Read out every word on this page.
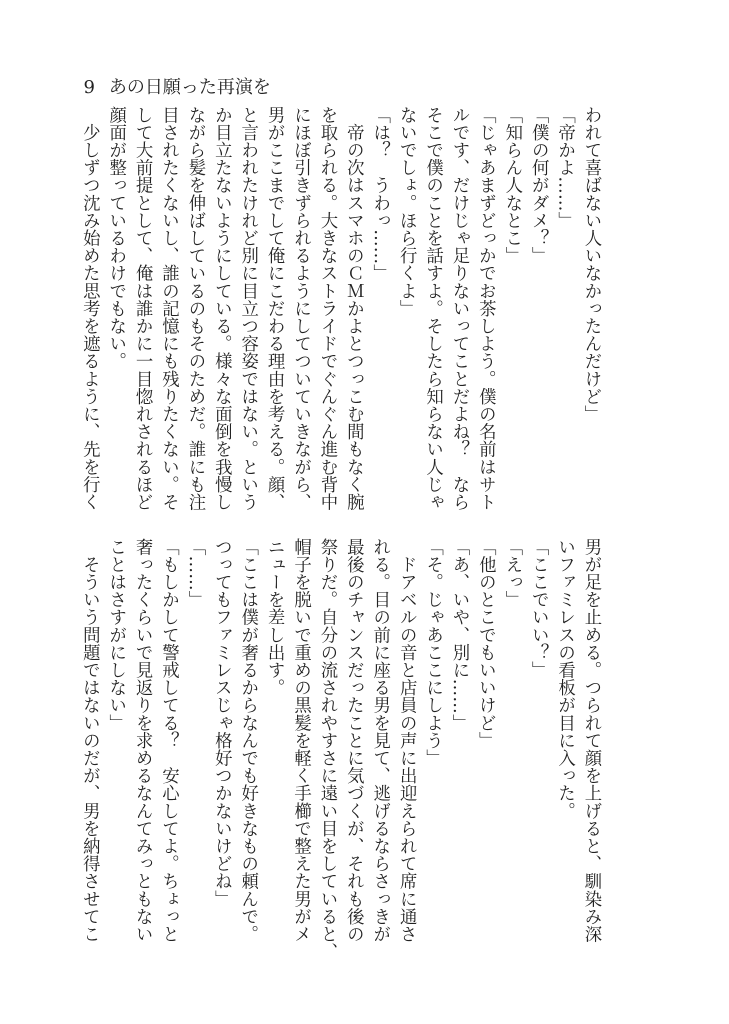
9 あの日願った再演を

われて喜ばない人いなかったんだけど」
「帝かよ……」
「僕の何がダメ？」
「知らん人なとこ」
「じゃあまずどっかでお茶しよう。僕の名前はサト
ルです、だけじゃ足りないってことだよね？　なら
そこで僕のことを話すよ。そしたら知らない人じゃ
ないでしょ。ほら行くよ」
「は？　うわっ……」
　帝の次はスマホのＣＭかよとつっこむ間もなく腕
を取られる。大きなストライドでぐんぐん進む背中
にほぼ引きずられるようにしてついていきながら、
男がここまでして俺にこだわる理由を考える。顔、
と言われたけれど別に目立つ容姿ではない。という
か目立たないようにしている。様々な面倒を我慢し
ながら髪を伸ばしているのもそのためだ。誰にも注
目されたくないし、誰の記憶にも残りたくない。そ
して大前提として、俺は誰かに一目惚れされるほど
顔面が整っているわけでもない。
　少しずつ沈み始めた思考を遮るように、先を行く
男が足を止める。つられて顔を上げると、馴染み深
いファミレスの看板が目に入った。
「ここでいい？」
「えっ」
「他のとこでもいいけど」
「あ、いや、別に……」
「そ。じゃあここにしよう」
　ドアベルの音と店員の声に出迎えられて席に通さ
れる。目の前に座る男を見て、逃げるならさっきが
最後のチャンスだったことに気づくが、それも後の
祭りだ。自分の流されやすさに遠い目をしていると、
帽子を脱いで重めの黒髪を軽く手櫛で整えた男がメ
ニューを差し出す。
「ここは僕が奢るからなんでも好きなもの頼んで。
つってもファミレスじゃ格好つかないけどね」
「……」
「もしかして警戒してる？　安心してよ。ちょっと
奢ったくらいで見返りを求めるなんてみっともない
ことはさすがにしない」
　そういう問題ではないのだが、男を納得させてこ
